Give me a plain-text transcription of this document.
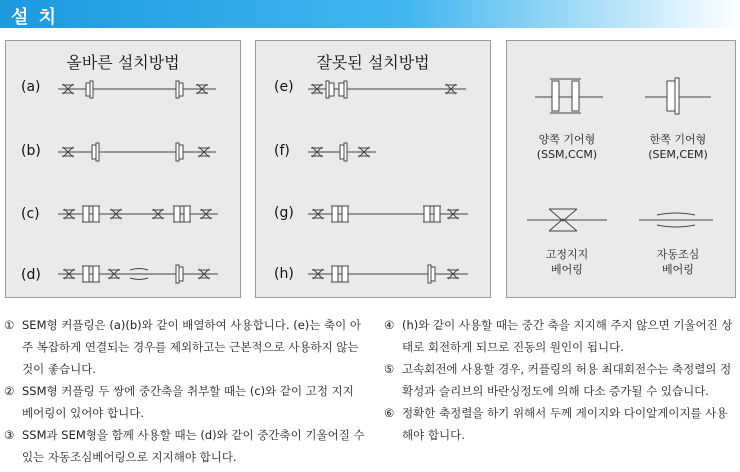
설 치
올바른 설치방법
(a)
(b)
(c)
(d)
잘못된 설치방법
(e)
(f)
(g)
(h)
양쪽 기어형
(SSM,CCM)
한쪽 기어형
(SEM,CEM)
고정지지
베어링
자동조심
베어링
① SEM형 커플링은 (a)(b)와 같이 배열하여 사용합니다. (e)는 축이 아주 복잡하게 연결되는 경우를 제외하고는 근본적으로 사용하지 않는 것이 좋습니다.
② SSM형 커플링 두 쌍에 중간축을 취부할 때는 (c)와 같이 고정 지지 베어링이 있어야 합니다.
③ SSM과 SEM형을 함께 사용할 때는 (d)와 같이 중간축이 기울어질 수 있는 자동조심베어링으로 지지해야 합니다.
④ (h)와 같이 사용할 때는 중간 축을 지지해 주지 않으면 기울어진 상태로 회전하게 되므로 진동의 원인이 됩니다.
⑤ 고속회전에 사용할 경우, 커플링의 허용 최대회전수는 축정렬의 정확성과 슬리브의 바란싱정도에 의해 다소 증가될 수 있습니다.
⑥ 정확한 축정렬을 하기 위해서 두께 게이지와 다이알게이지를 사용해야 합니다.
